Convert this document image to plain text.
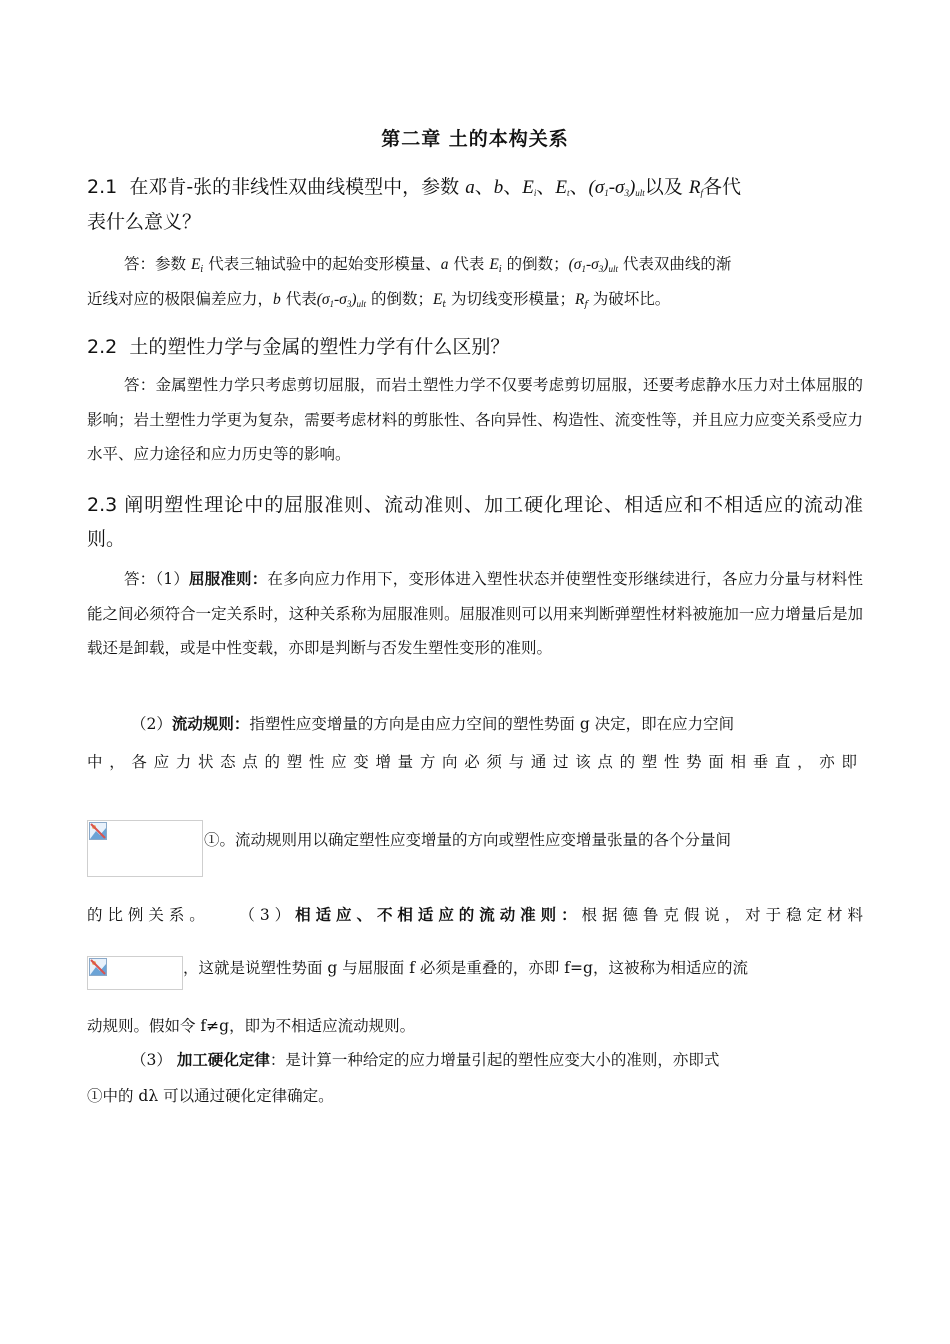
第二章 土的本构关系
2.1 在邓肯-张的非线性双曲线模型中，参数 a、b、$E_i$、$E_t$、$(\sigma_1-\sigma_3)_{ult}$以及 $R_f$各代
表什么意义？
答：参数 $E_i$ 代表三轴试验中的起始变形模量、a 代表 $E_i$ 的倒数；$(\sigma_1-\sigma_3)_{ult}$ 代表双曲线的渐
近线对应的极限偏差应力，b 代表$(\sigma_1-\sigma_3)_{ult}$ 的倒数；$E_t$ 为切线变形模量；$R_f$ 为破坏比。
2.2 土的塑性力学与金属的塑性力学有什么区别？
答：金属塑性力学只考虑剪切屈服，而岩土塑性力学不仅要考虑剪切屈服，还要考虑静水压力对土体屈服的影响；岩土塑性力学更为复杂，需要考虑材料的剪胀性、各向异性、构造性、流变性等，并且应力应变关系受应力水平、应力途径和应力历史等的影响。
2.3 阐明塑性理论中的屈服准则、流动准则、加工硬化理论、相适应和不相适应的流动准则。
答：（1）屈服准则：在多向应力作用下，变形体进入塑性状态并使塑性变形继续进行，各应力分量与材料性能之间必须符合一定关系时，这种关系称为屈服准则。屈服准则可以用来判断弹塑性材料被施加一应力增量后是加载还是卸载，或是中性变载，亦即是判断与否发生塑性变形的准则。
（2）流动规则：指塑性应变增量的方向是由应力空间的塑性势面 g 决定，即在应力空间
中，各应力状态点的塑性应变增量方向必须与通过该点的塑性势面相垂直，亦即
①。流动规则用以确定塑性应变增量的方向或塑性应变增量张量的各个分量间
的比例关系。 （3）相适应、不相适应的流动准则：根据德鲁克假说，对于稳定材料
，这就是说塑性势面 g 与屈服面 f 必须是重叠的，亦即 f=g，这被称为相适应的流
动规则。假如令 f≠g，即为不相适应流动规则。
（3） 加工硬化定律：是计算一种给定的应力增量引起的塑性应变大小的准则，亦即式
①中的 dλ 可以通过硬化定律确定。
